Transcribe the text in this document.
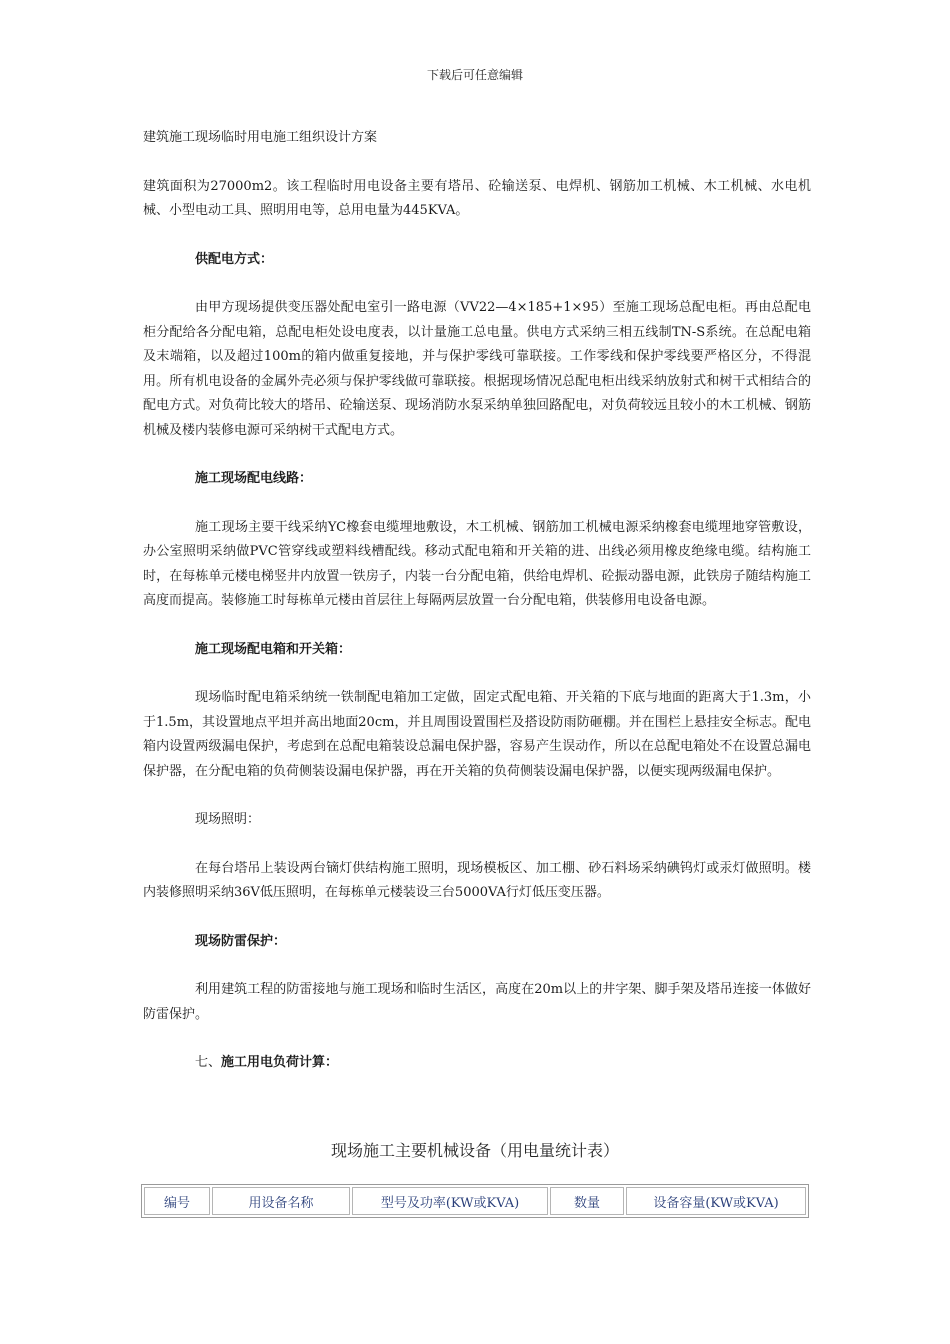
下载后可任意编辑

建筑施工现场临时用电施工组织设计方案

建筑面积为27000m2。该工程临时用电设备主要有塔吊、砼输送泵、电焊机、钢筋加工机械、木工机械、水电机械、小型电动工具、照明用电等，总用电量为445KVA。

供配电方式：

由甲方现场提供变压器处配电室引一路电源（VV22—4×185+1×95）至施工现场总配电柜。再由总配电柜分配给各分配电箱，总配电柜处设电度表，以计量施工总电量。供电方式采纳三相五线制TN-S系统。在总配电箱及末端箱，以及超过100m的箱内做重复接地，并与保护零线可靠联接。工作零线和保护零线要严格区分，不得混用。所有机电设备的金属外壳必须与保护零线做可靠联接。根据现场情况总配电柜出线采纳放射式和树干式相结合的配电方式。对负荷比较大的塔吊、砼输送泵、现场消防水泵采纳单独回路配电，对负荷较远且较小的木工机械、钢筋机械及楼内装修电源可采纳树干式配电方式。

施工现场配电线路：

施工现场主要干线采纳YC橡套电缆埋地敷设，木工机械、钢筋加工机械电源采纳橡套电缆埋地穿管敷设，办公室照明采纳做PVC管穿线或塑料线槽配线。移动式配电箱和开关箱的进、出线必须用橡皮绝缘电缆。结构施工时，在每栋单元楼电梯竖井内放置一铁房子，内装一台分配电箱，供给电焊机、砼振动器电源，此铁房子随结构施工高度而提高。装修施工时每栋单元楼由首层往上每隔两层放置一台分配电箱，供装修用电设备电源。

施工现场配电箱和开关箱：

现场临时配电箱采纳统一铁制配电箱加工定做，固定式配电箱、开关箱的下底与地面的距离大于1.3m，小于1.5m，其设置地点平坦并高出地面20cm，并且周围设置围栏及搭设防雨防砸棚。并在围栏上悬挂安全标志。配电箱内设置两级漏电保护，考虑到在总配电箱装设总漏电保护器，容易产生误动作，所以在总配电箱处不在设置总漏电保护器，在分配电箱的负荷侧装设漏电保护器，再在开关箱的负荷侧装设漏电保护器，以便实现两级漏电保护。

现场照明：

在每台塔吊上装设两台镝灯供结构施工照明，现场模板区、加工棚、砂石料场采纳碘钨灯或汞灯做照明。楼内装修照明采纳36V低压照明，在每栋单元楼装设三台5000VA行灯低压变压器。

现场防雷保护：

利用建筑工程的防雷接地与施工现场和临时生活区，高度在20m以上的井字架、脚手架及塔吊连接一体做好防雷保护。

七、施工用电负荷计算：

现场施工主要机械设备（用电量统计表）
编号	用设备名称	型号及功率(KW或KVA)	数量	设备容量(KW或KVA)
